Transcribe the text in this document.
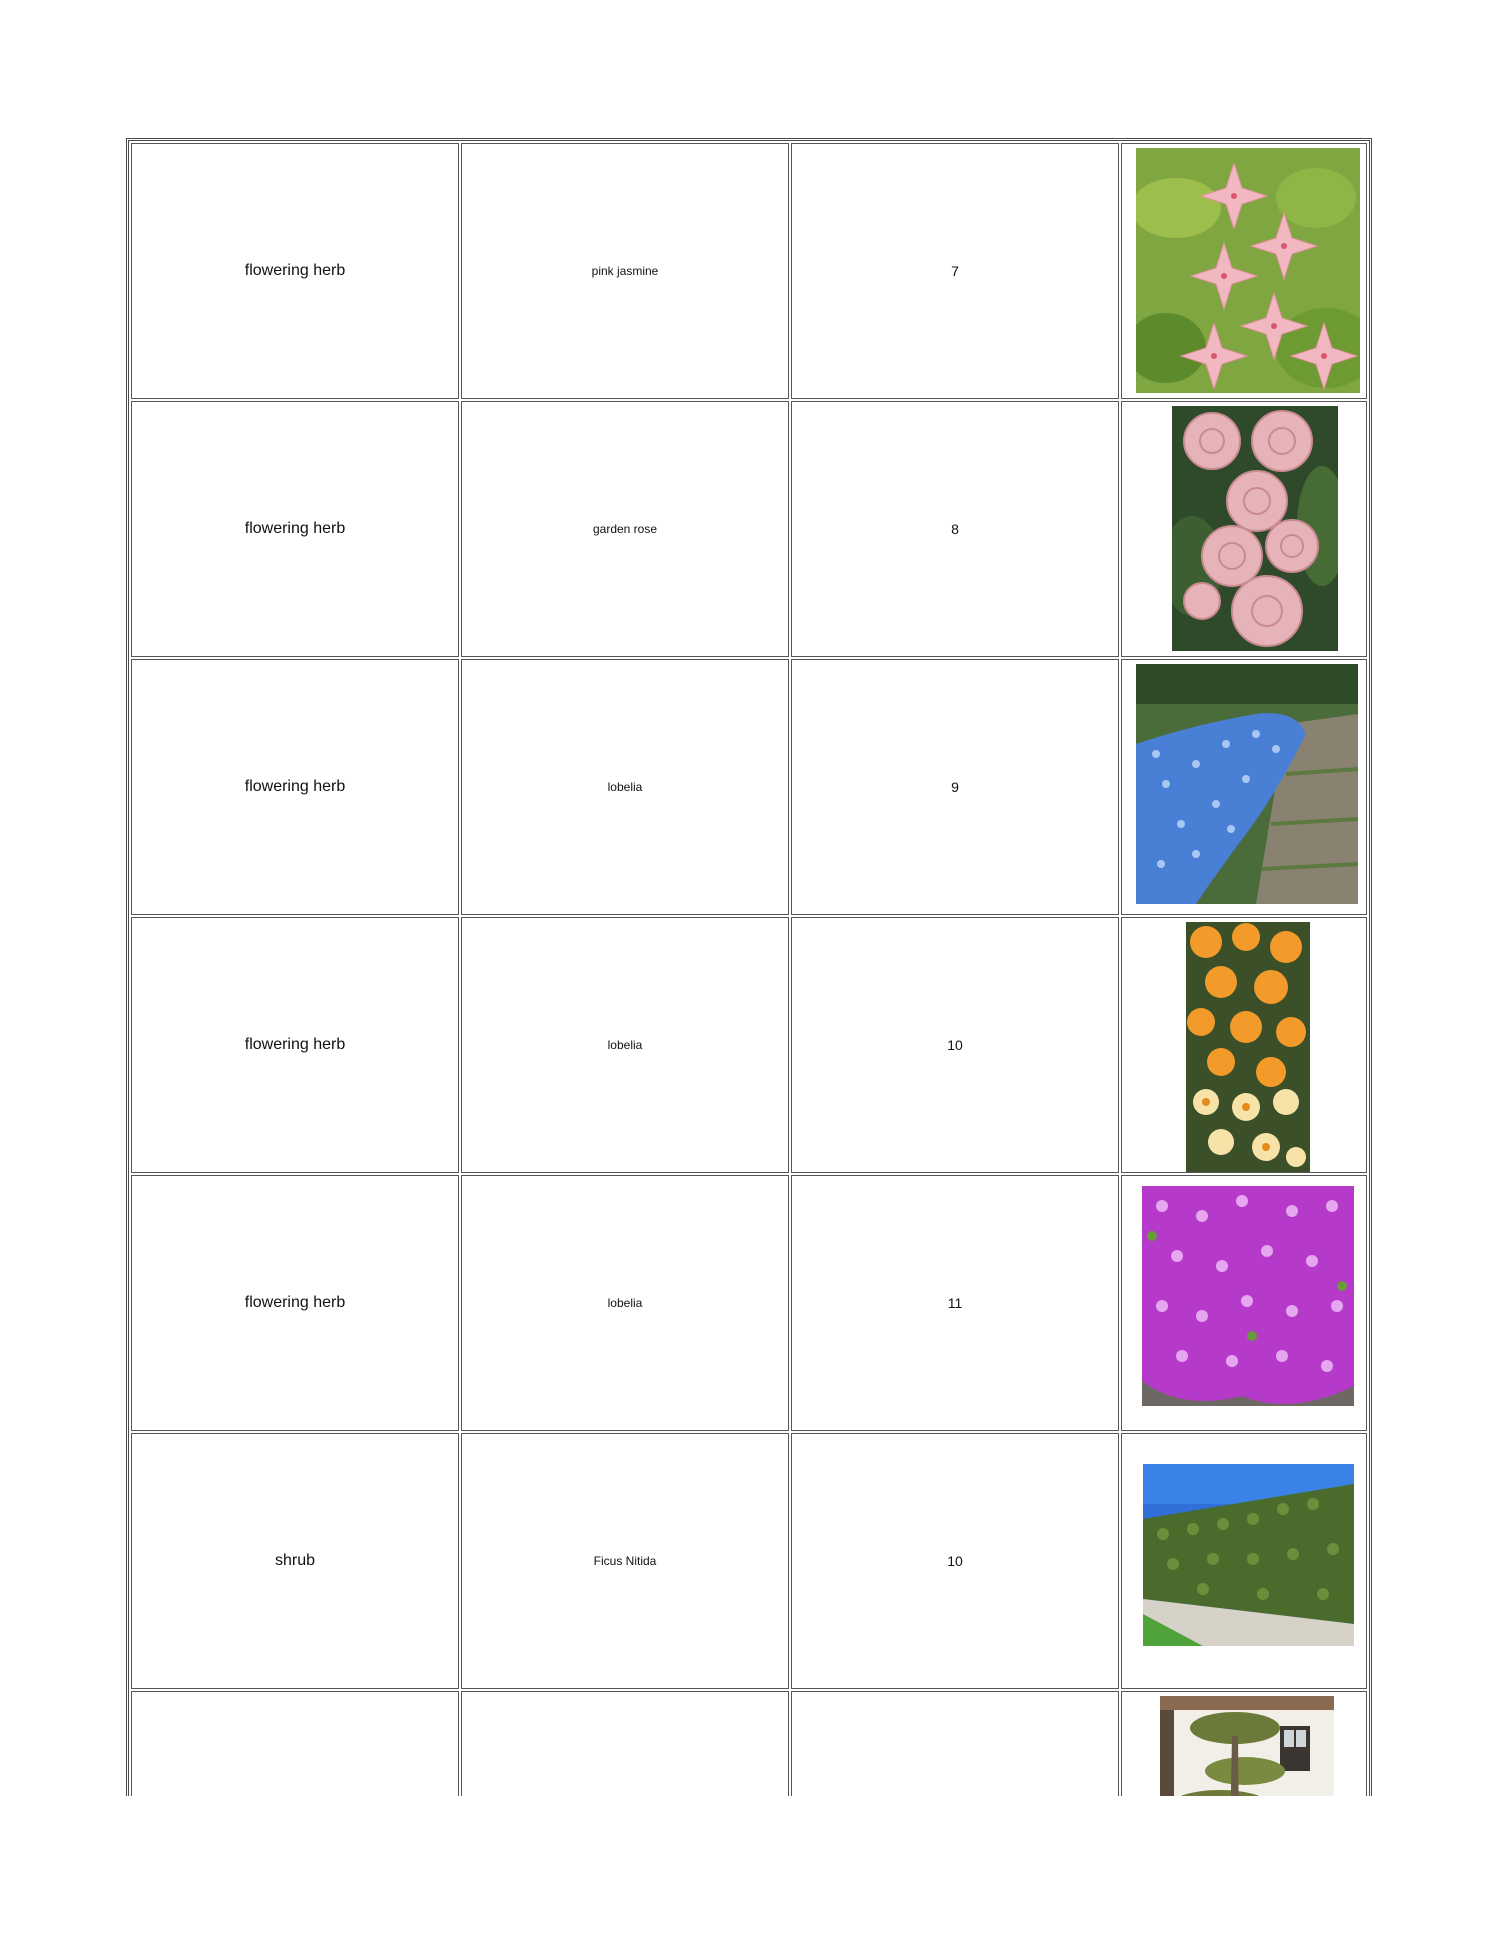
flowering herb	pink jasmine	7	

flowering herb	garden rose	8	

flowering herb	lobelia	9	

flowering herb	lobelia	10	

flowering herb	lobelia	11	

shrub	Ficus Nitida	10	
